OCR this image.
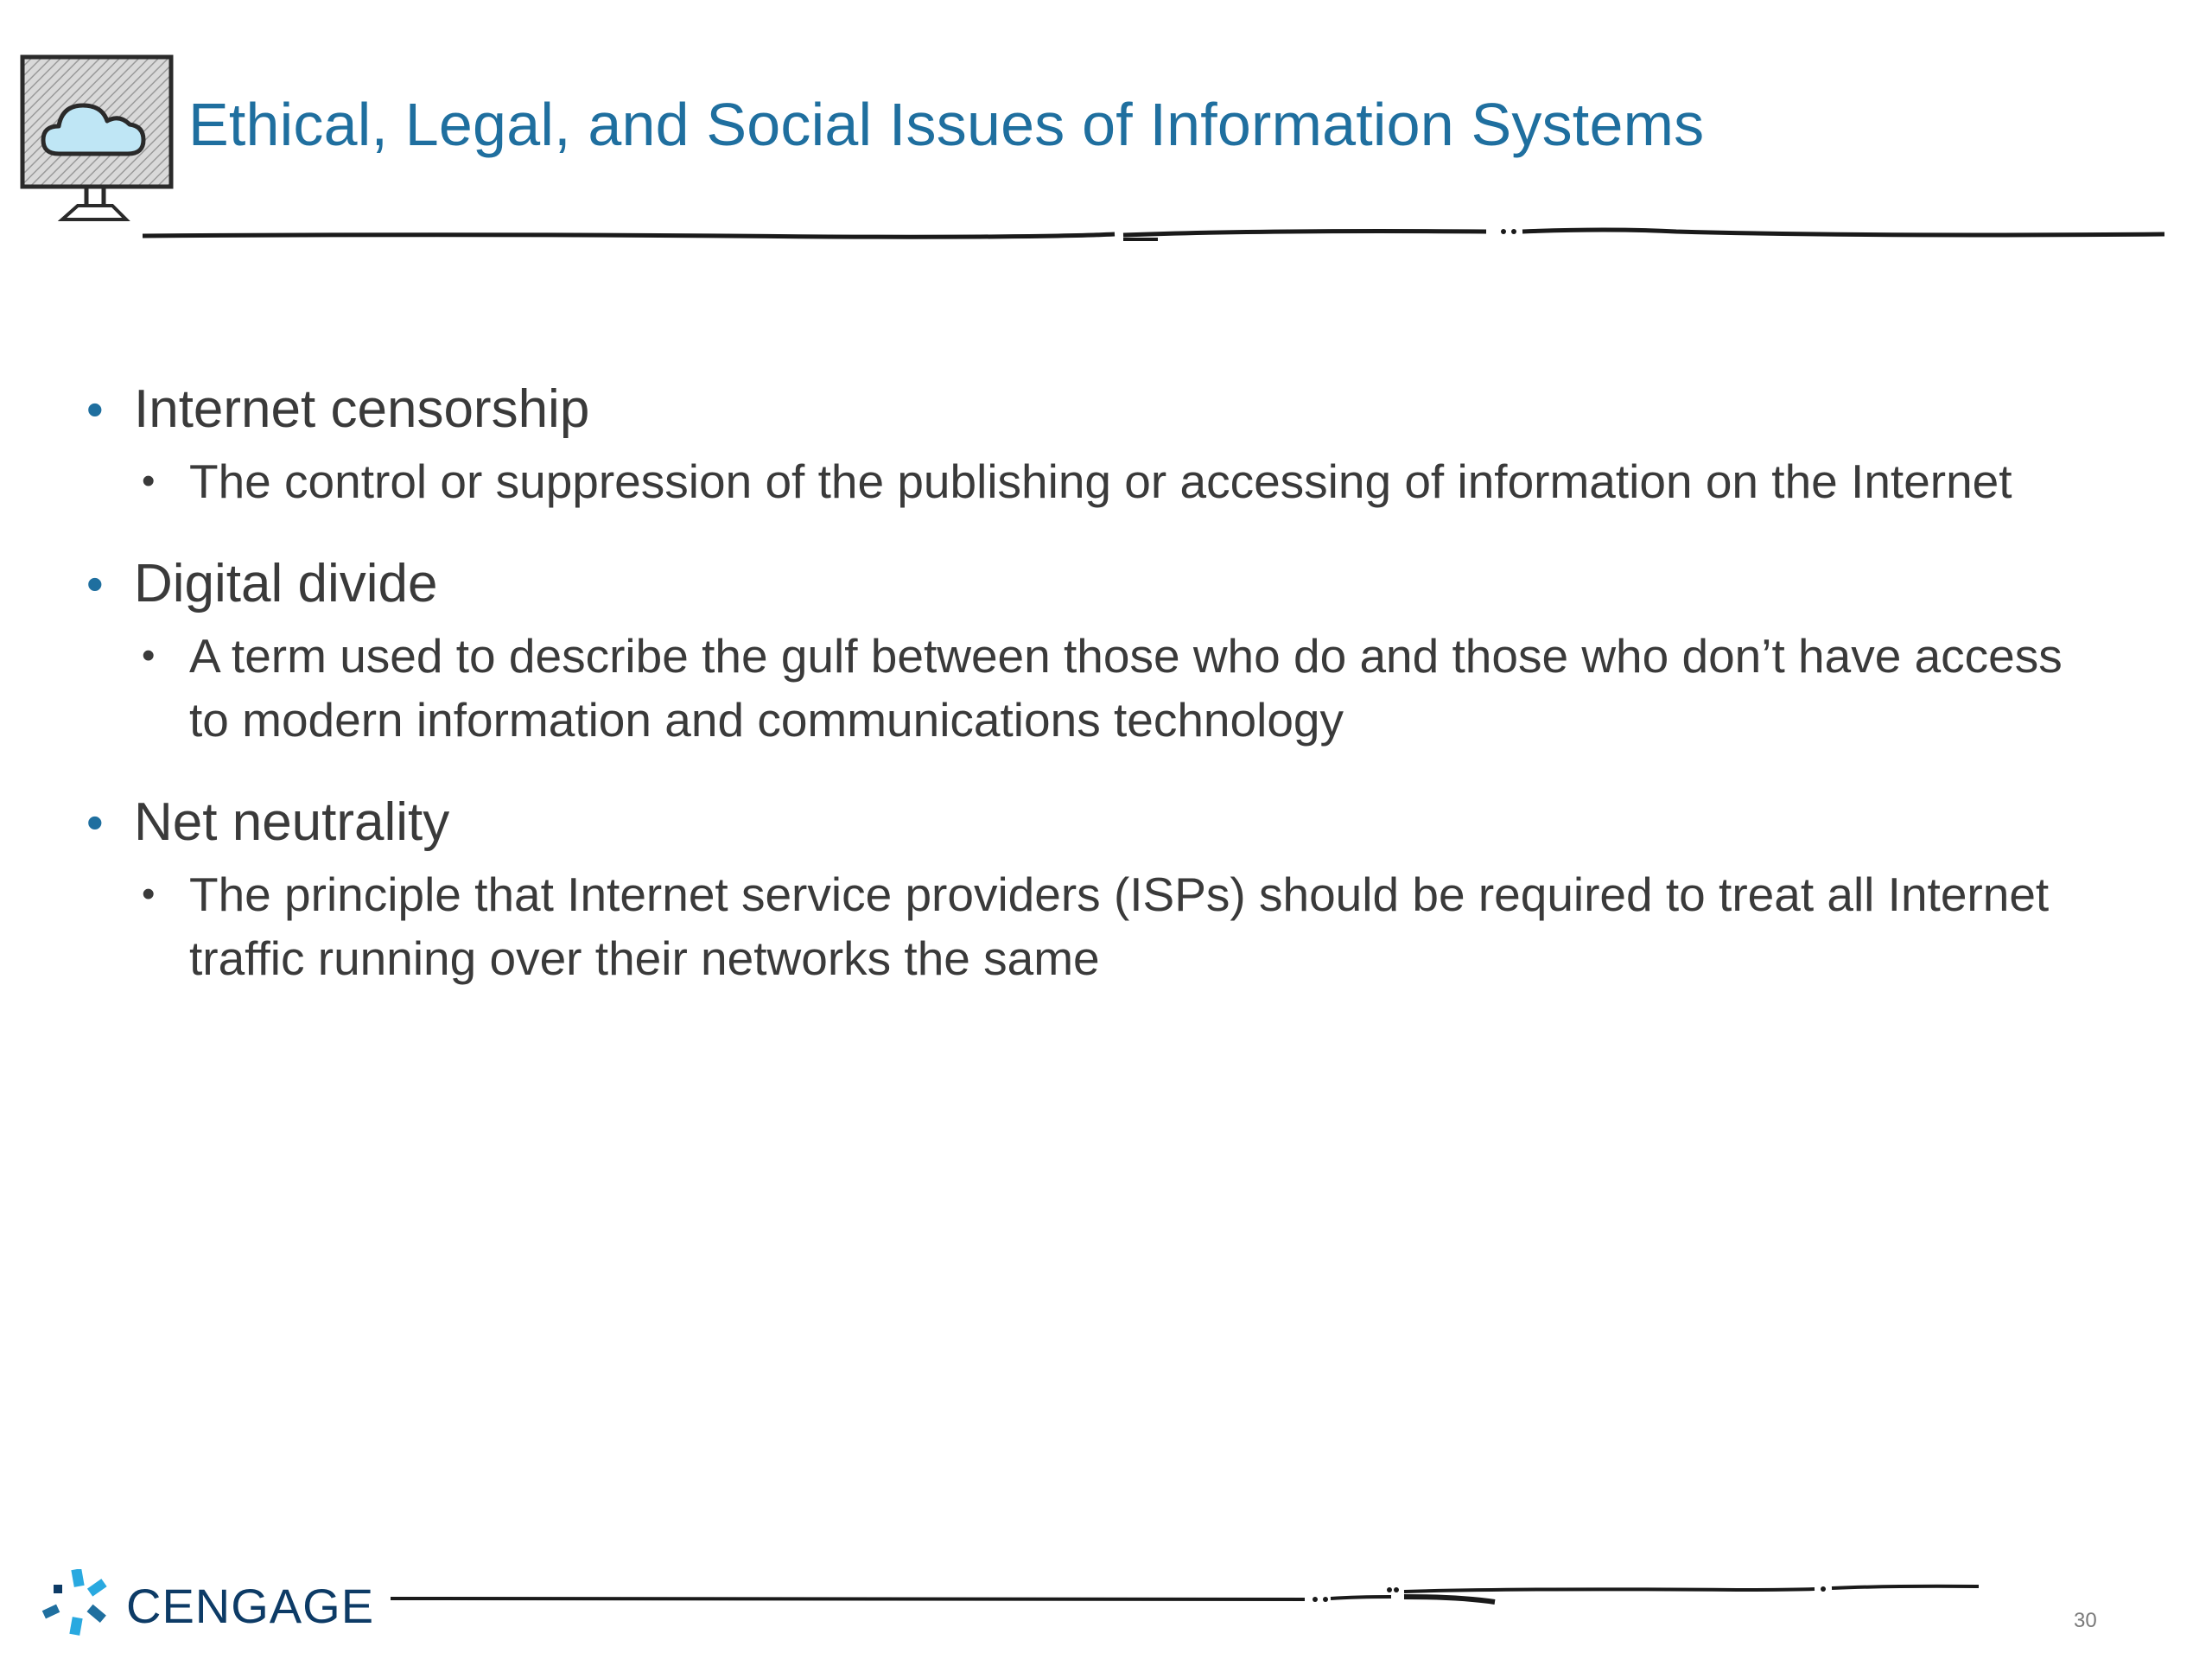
Ethical, Legal, and Social Issues of Information Systems

• Internet censorship

• The control or suppression of the publishing or accessing of information on the Internet

• Digital divide

• A term used to describe the gulf between those who do and those who don’t have access to modern information and communications technology

• Net neutrality

• The principle that Internet service providers (ISPs) should be required to treat all Internet traffic running over their networks the same

CENGAGE	30
